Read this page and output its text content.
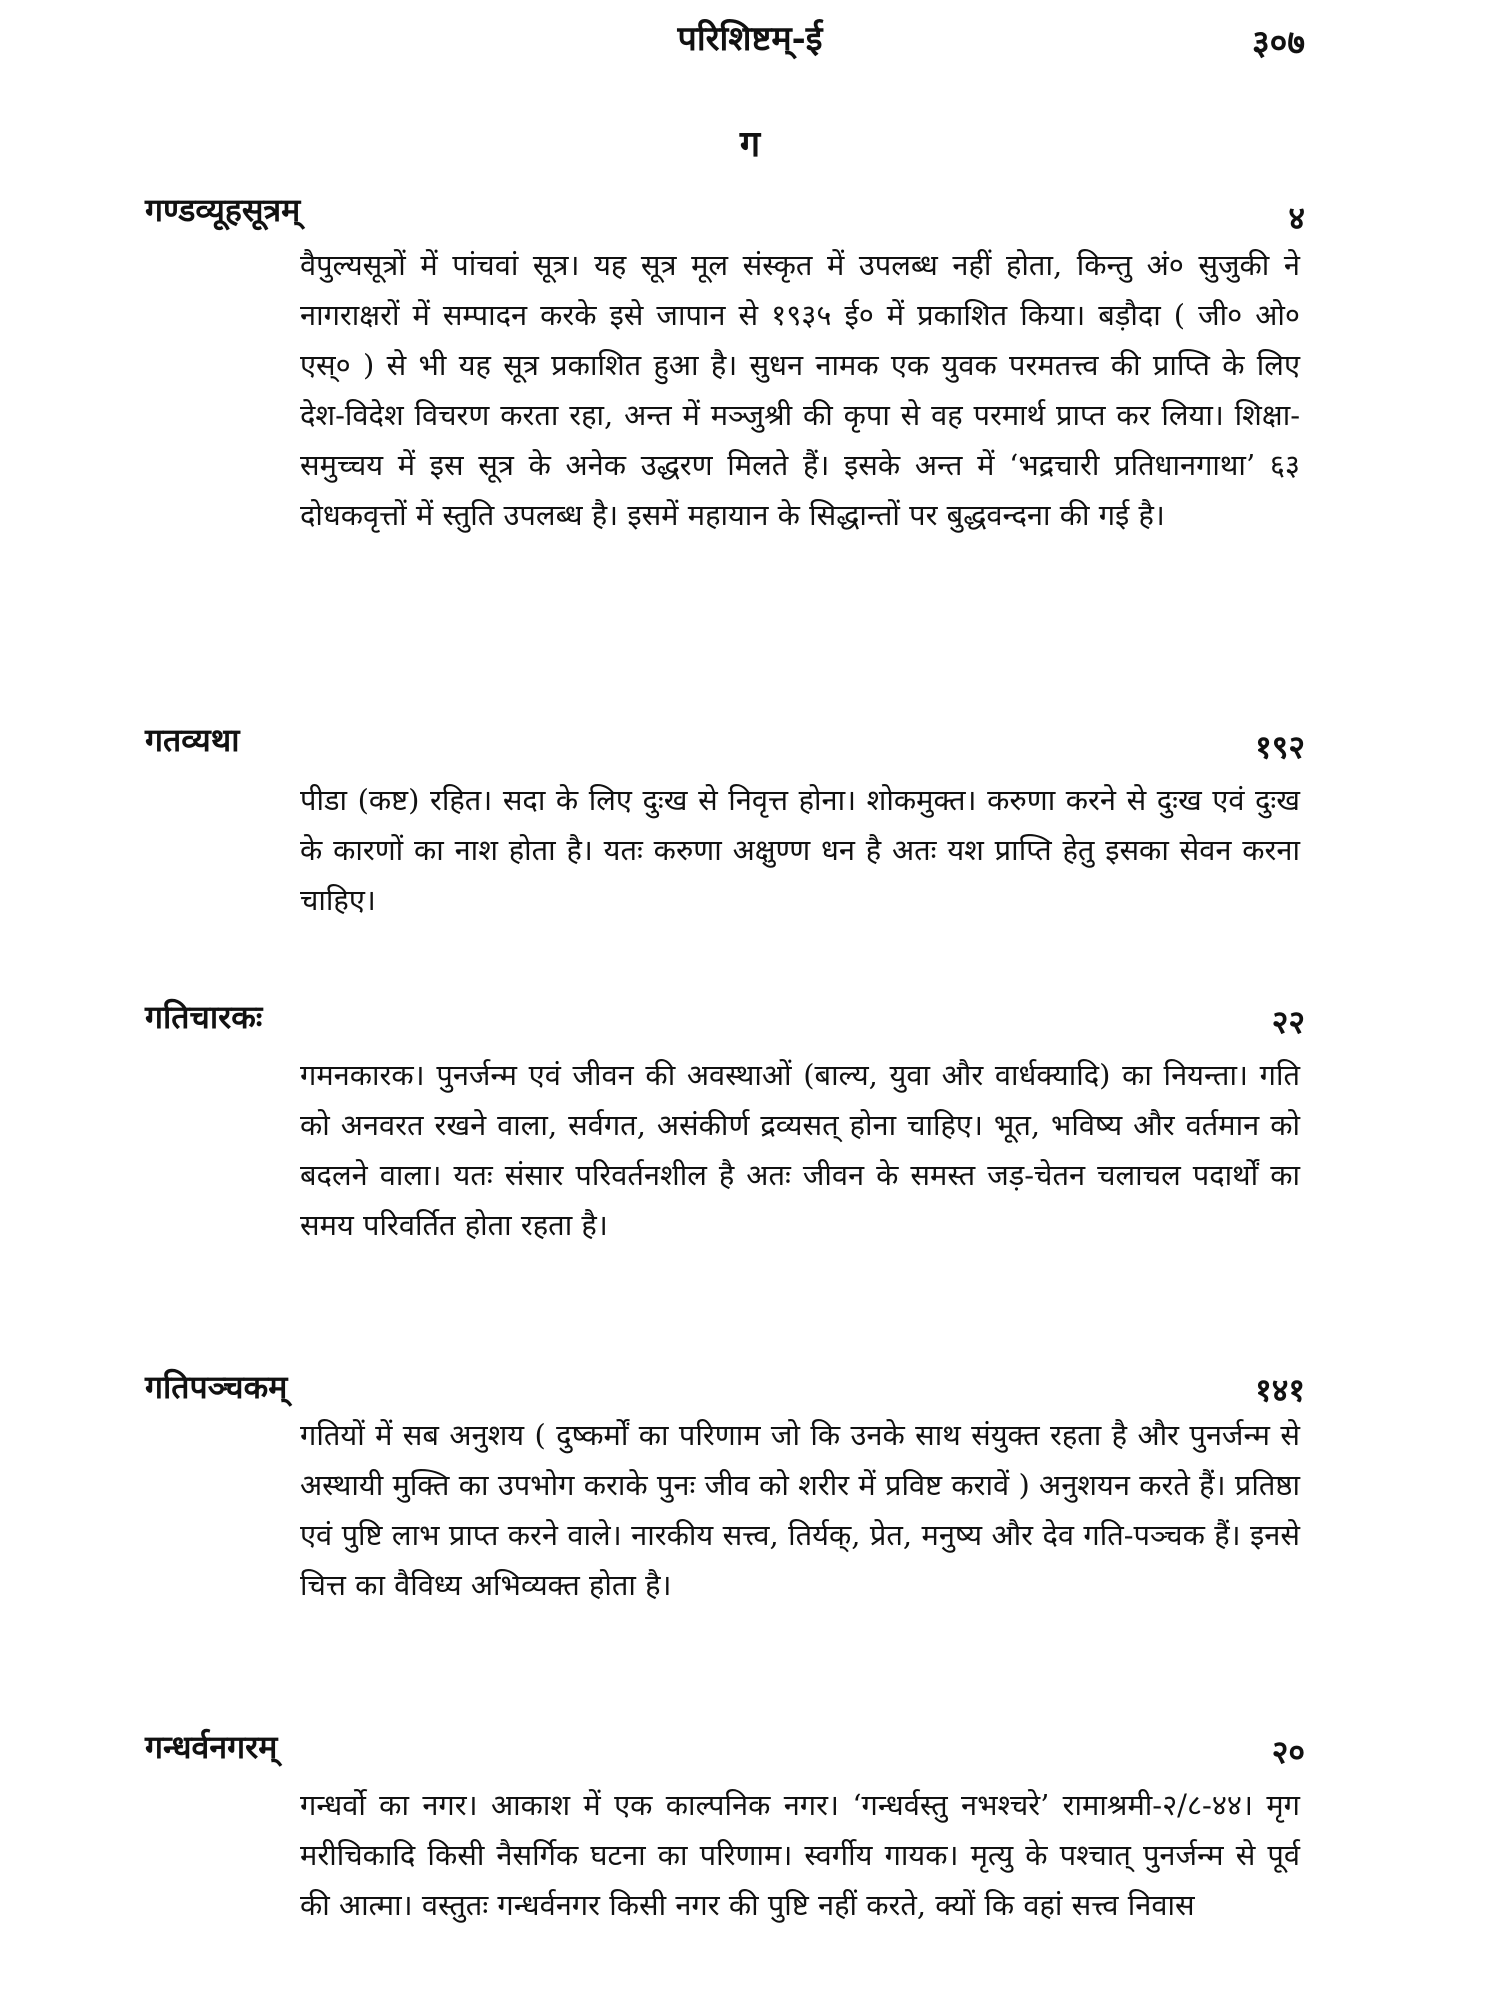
परिशिष्टम्-ई	३०७
ग
गण्डव्यूहसूत्रम्	४

वैपुल्यसूत्रों में पांचवां सूत्र। यह सूत्र मूल संस्कृत में उपलब्ध नहीं होता, किन्तु अं० सुजुकी ने नागराक्षरों में सम्पादन करके इसे जापान से १९३५ ई० में प्रकाशित किया। बड़ौदा ( जी० ओ० एस्० ) से भी यह सूत्र प्रकाशित हुआ है। सुधन नामक एक युवक परमतत्त्व की प्राप्ति के लिए देश-विदेश विचरण करता रहा, अन्त में मञ्जुश्री की कृपा से वह परमार्थ प्राप्त कर लिया। शिक्षा-समुच्चय में इस सूत्र के अनेक उद्धरण मिलते हैं। इसके अन्त में ‘भद्रचारी प्रतिधानगाथा’ ६३ दोधकवृत्तों में स्तुति उपलब्ध है। इसमें महायान के सिद्धान्तों पर बुद्धवन्दना की गई है।

गतव्यथा	१९२

पीडा (कष्ट) रहित। सदा के लिए दुःख से निवृत्त होना। शोकमुक्त। करुणा करने से दुःख एवं दुःख के कारणों का नाश होता है। यतः करुणा अक्षुण्ण धन है अतः यश प्राप्ति हेतु इसका सेवन करना चाहिए।

गतिचारकः	२२

गमनकारक। पुनर्जन्म एवं जीवन की अवस्थाओं (बाल्य, युवा और वार्धक्यादि) का नियन्ता। गति को अनवरत रखने वाला, सर्वगत, असंकीर्ण द्रव्यसत् होना चाहिए। भूत, भविष्य और वर्तमान को बदलने वाला। यतः संसार परिवर्तनशील है अतः जीवन के समस्त जड़-चेतन चलाचल पदार्थों का समय परिवर्तित होता रहता है।

गतिपञ्चकम्	१४१

गतियों में सब अनुशय ( दुष्कर्मों का परिणाम जो कि उनके साथ संयुक्त रहता है और पुनर्जन्म से अस्थायी मुक्ति का उपभोग कराके पुनः जीव को शरीर में प्रविष्ट करावें ) अनुशयन करते हैं। प्रतिष्ठा एवं पुष्टि लाभ प्राप्त करने वाले। नारकीय सत्त्व, तिर्यक्, प्रेत, मनुष्य और देव गति-पञ्चक हैं। इनसे चित्त का वैविध्य अभिव्यक्त होता है।

गन्धर्वनगरम्	२०

गन्धर्वो का नगर। आकाश में एक काल्पनिक नगर। ‘गन्धर्वस्तु नभश्चरे’ रामाश्रमी-२/८-४४। मृग मरीचिकादि किसी नैसर्गिक घटना का परिणाम। स्वर्गीय गायक। मृत्यु के पश्चात् पुनर्जन्म से पूर्व की आत्मा। वस्तुतः गन्धर्वनगर किसी नगर की पुष्टि नहीं करते, क्यों कि वहां सत्त्व निवास
